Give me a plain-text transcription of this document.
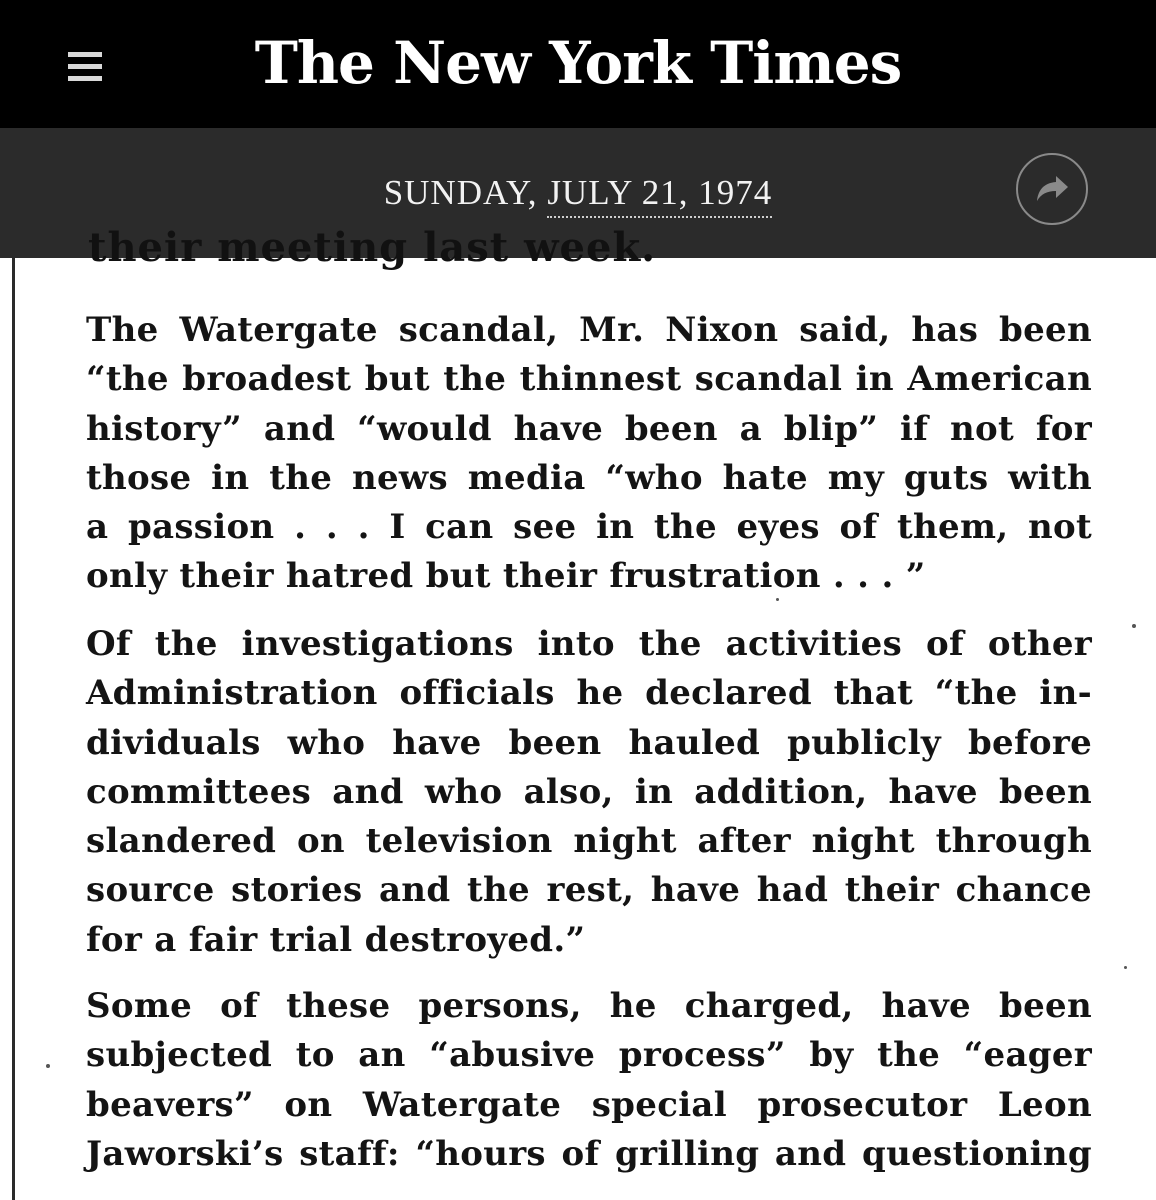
The New York Times
SUNDAY, JULY 21, 1974
their meeting last week.

The Watergate scandal, Mr. Nixon said, has been
“the broadest but the thinnest scandal in American
history” and “would have been a blip” if not for
those in the news media “who hate my guts with
a passion . . . I can see in the eyes of them, not
only their hatred but their frustration . . . ”

Of the investigations into the activities of other
Administration officials he declared that “the in-
dividuals who have been hauled publicly before
committees and who also, in addition, have been
slandered on television night after night through
source stories and the rest, have had their chance
for a fair trial destroyed.”

Some of these persons, he charged, have been
subjected to an “abusive process” by the “eager
beavers” on Watergate special prosecutor Leon
Jaworski’s staff: “hours of grilling and questioning
